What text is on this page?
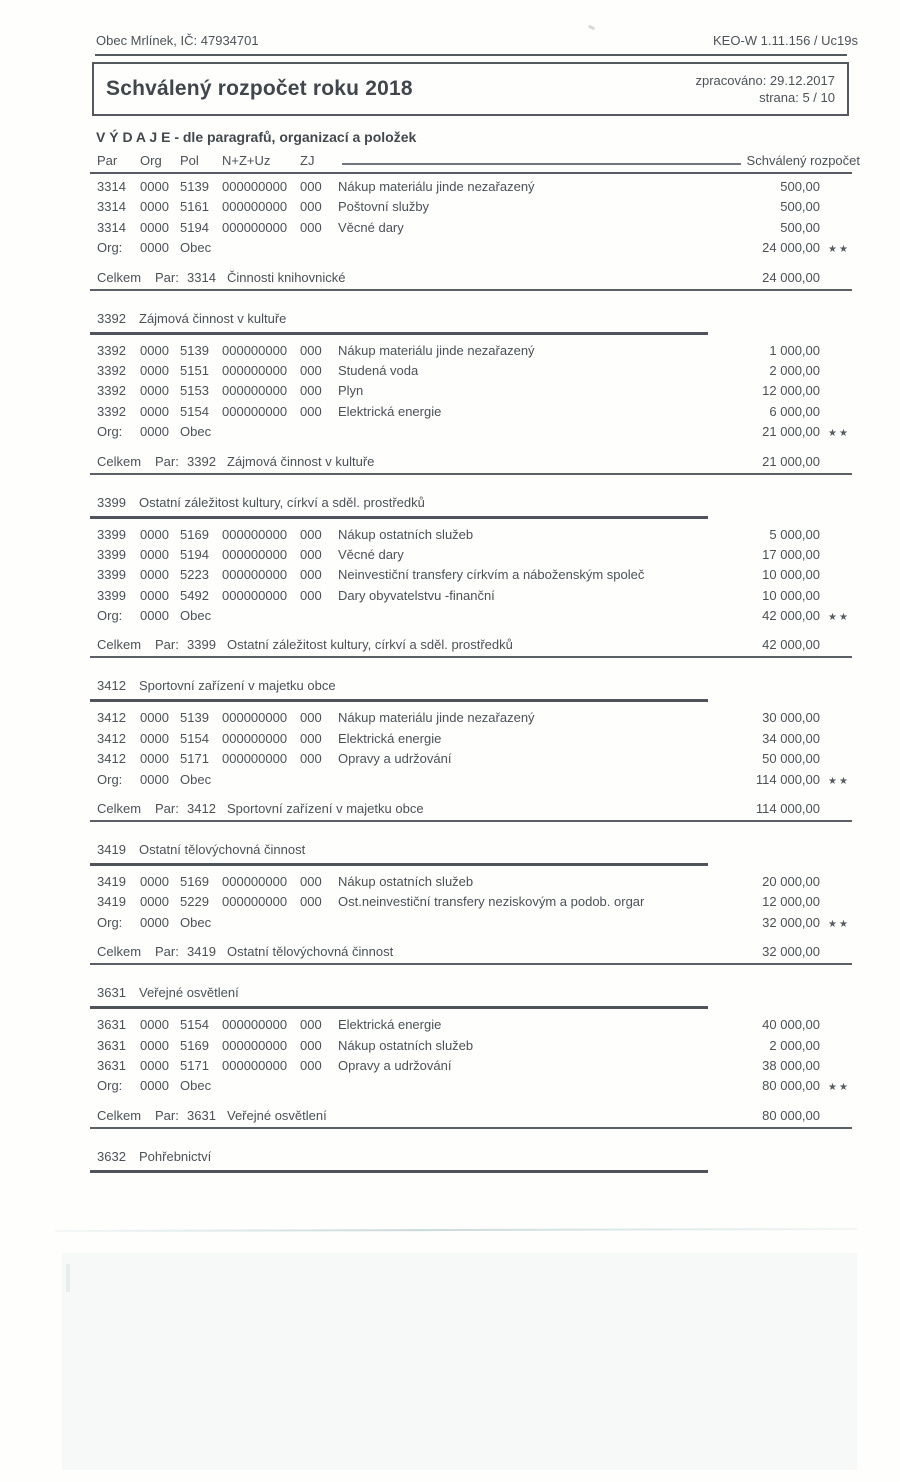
Obec Mrlínek, IČ: 47934701	KEO-W 1.11.156 / Uc19s
Schválený rozpočet roku 2018	zpracováno: 29.12.2017
strana: 5 / 10
V Ý D A J E - dle paragrafů, organizací a položek
Par	Org	Pol	N+Z+Uz	ZJ	Schválený rozpočet
3314	0000 5139	000000000 000	Nákup materiálu jinde nezařazený	500,00
3314	0000 5161	000000000 000	Poštovní služby	500,00
3314	0000 5194	000000000 000	Věcné dary	500,00
Org:	0000 Obec	24 000,00 ★★
Celkem	Par: 3314 Činnosti knihovnické	24 000,00
3392	Zájmová činnost v kultuře
3392	0000 5139	000000000 000	Nákup materiálu jinde nezařazený	1 000,00
3392	0000 5151	000000000 000	Studená voda	2 000,00
3392	0000 5153	000000000 000	Plyn	12 000,00
3392	0000 5154	000000000 000	Elektrická energie	6 000,00
Org:	0000 Obec	21 000,00 ★★
Celkem	Par: 3392 Zájmová činnost v kultuře	21 000,00
3399	Ostatní záležitost kultury, církví a sděl. prostředků
3399	0000 5169	000000000 000	Nákup ostatních služeb	5 000,00
3399	0000 5194	000000000 000	Věcné dary	17 000,00
3399	0000 5223	000000000 000	Neinvestiční transfery církvím a náboženským společ	10 000,00
3399	0000 5492	000000000 000	Dary obyvatelstvu -finanční	10 000,00
Org:	0000 Obec	42 000,00 ★★
Celkem	Par: 3399 Ostatní záležitost kultury, církví a sděl. prostředků	42 000,00
3412	Sportovní zařízení v majetku obce
3412	0000 5139	000000000 000	Nákup materiálu jinde nezařazený	30 000,00
3412	0000 5154	000000000 000	Elektrická energie	34 000,00
3412	0000 5171	000000000 000	Opravy a udržování	50 000,00
Org:	0000 Obec	114 000,00 ★★
Celkem	Par: 3412 Sportovní zařízení v majetku obce	114 000,00
3419	Ostatní tělovýchovná činnost
3419	0000 5169	000000000 000	Nákup ostatních služeb	20 000,00
3419	0000 5229	000000000 000	Ost.neinvestiční transfery neziskovým a podob. orgar	12 000,00
Org:	0000 Obec	32 000,00 ★★
Celkem	Par: 3419 Ostatní tělovýchovná činnost	32 000,00
3631	Veřejné osvětlení
3631	0000 5154	000000000 000	Elektrická energie	40 000,00
3631	0000 5169	000000000 000	Nákup ostatních služeb	2 000,00
3631	0000 5171	000000000 000	Opravy a udržování	38 000,00
Org:	0000 Obec	80 000,00 ★★
Celkem	Par: 3631 Veřejné osvětlení	80 000,00
3632	Pohřebnictví
